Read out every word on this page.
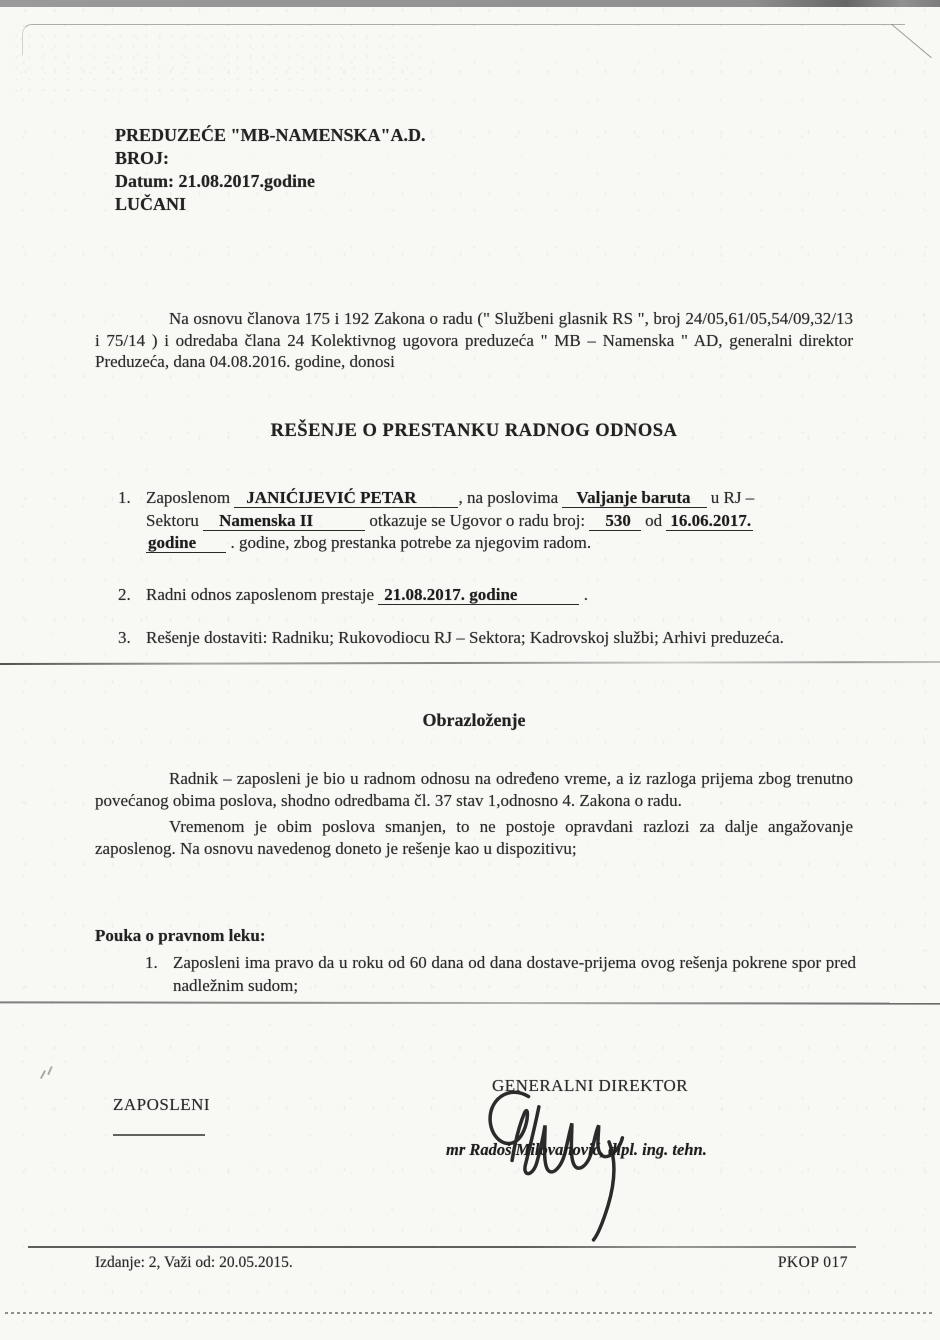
PREDUZEĆE "MB-NAMENSKA"A.D.
BROJ:
Datum: 21.08.2017.godine
LUČANI
Na osnovu članova 175 i 192 Zakona o radu (" Službeni glasnik RS ", broj 24/05,61/05,54/09,32/13 i 75/14 ) i odredaba člana 24 Kolektivnog ugovora preduzeća " MB – Namenska " AD, generalni direktor Preduzeća, dana 04.08.2016. godine, donosi
REŠENJE O PRESTANKU RADNOG ODNOSA
1. Zaposlenom JANIĆIJEVIĆ PETAR , na poslovima Valjanje baruta u RJ –
Sektoru Namenska II	otkazuje se Ugovor o radu broj: 530 od 16.06.2017.
godine . godine, zbog prestanka potrebe za njegovim radom.
2. Radni odnos zaposlenom prestaje 21.08.2017. godine	.
3. Rešenje dostaviti: Radniku; Rukovodiocu RJ – Sektora; Kadrovskoj službi; Arhivi preduzeća.
Obrazloženje

Radnik – zaposleni je bio u radnom odnosu na određeno vreme, a iz razloga prijema zbog trenutno povećanog obima poslova, shodno odredbama čl. 37 stav 1,odnosno 4. Zakona o radu.

Vremenom je obim poslova smanjen, to ne postoje opravdani razlozi za dalje angažovanje zaposlenog. Na osnovu navedenog doneto je rešenje kao u dispozitivu;

Pouka o pravnom leku:
1. Zaposleni ima pravo da u roku od 60 dana od dana dostave-prijema ovog rešenja pokrene spor pred nadležnim sudom;
ZAPOSLENI
GENERALNI DIREKTOR
mr Radoš Milovanović, dipl. ing. tehn.
Izdanje: 2, Važi od: 20.05.2015.	PKOP 017
